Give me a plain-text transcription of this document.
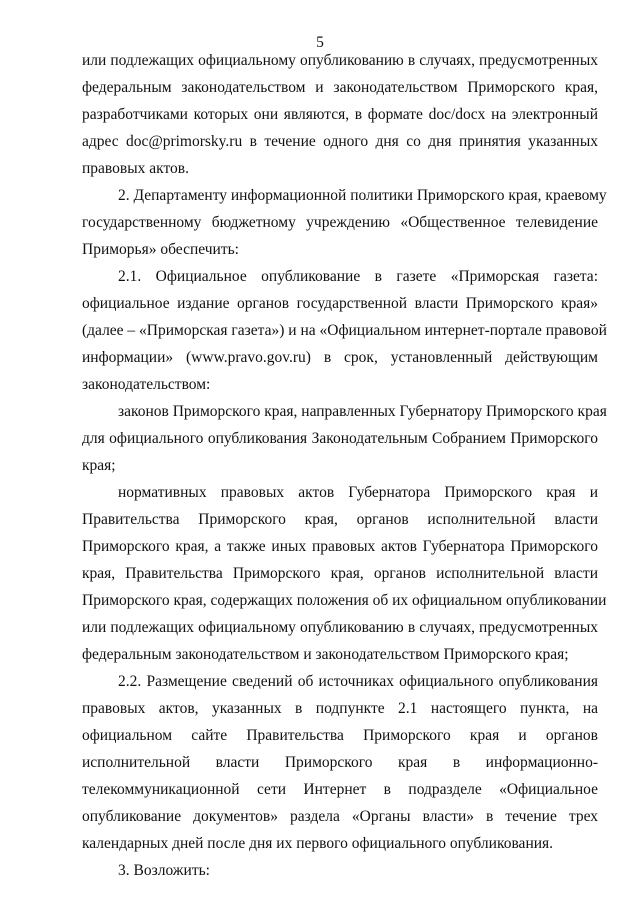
5
или подлежащих официальному опубликованию в случаях, предусмотренных
федеральным законодательством и законодательством Приморского края,
разработчиками которых они являются, в формате doc/docx на электронный
адрес doc@primorsky.ru в течение одного дня со дня принятия указанных
правовых актов.
2. Департаменту информационной политики Приморского края, краевому
государственному бюджетному учреждению «Общественное телевидение
Приморья» обеспечить:
2.1. Официальное опубликование в газете «Приморская газета:
официальное издание органов государственной власти Приморского края»
(далее – «Приморская газета») и на «Официальном интернет-портале правовой
информации» (www.pravo.gov.ru) в срок, установленный действующим
законодательством:
законов Приморского края, направленных Губернатору Приморского края
для официального опубликования Законодательным Собранием Приморского
края;
нормативных правовых актов Губернатора Приморского края и
Правительства Приморского края, органов исполнительной власти
Приморского края, а также иных правовых актов Губернатора Приморского
края, Правительства Приморского края, органов исполнительной власти
Приморского края, содержащих положения об их официальном опубликовании
или подлежащих официальному опубликованию в случаях, предусмотренных
федеральным законодательством и законодательством Приморского края;
2.2. Размещение сведений об источниках официального опубликования
правовых актов, указанных в подпункте 2.1 настоящего пункта, на
официальном сайте Правительства Приморского края и органов
исполнительной власти Приморского края в информационно-
телекоммуникационной сети Интернет в подразделе «Официальное
опубликование документов» раздела «Органы власти» в течение трех
календарных дней после дня их первого официального опубликования.
3. Возложить:
